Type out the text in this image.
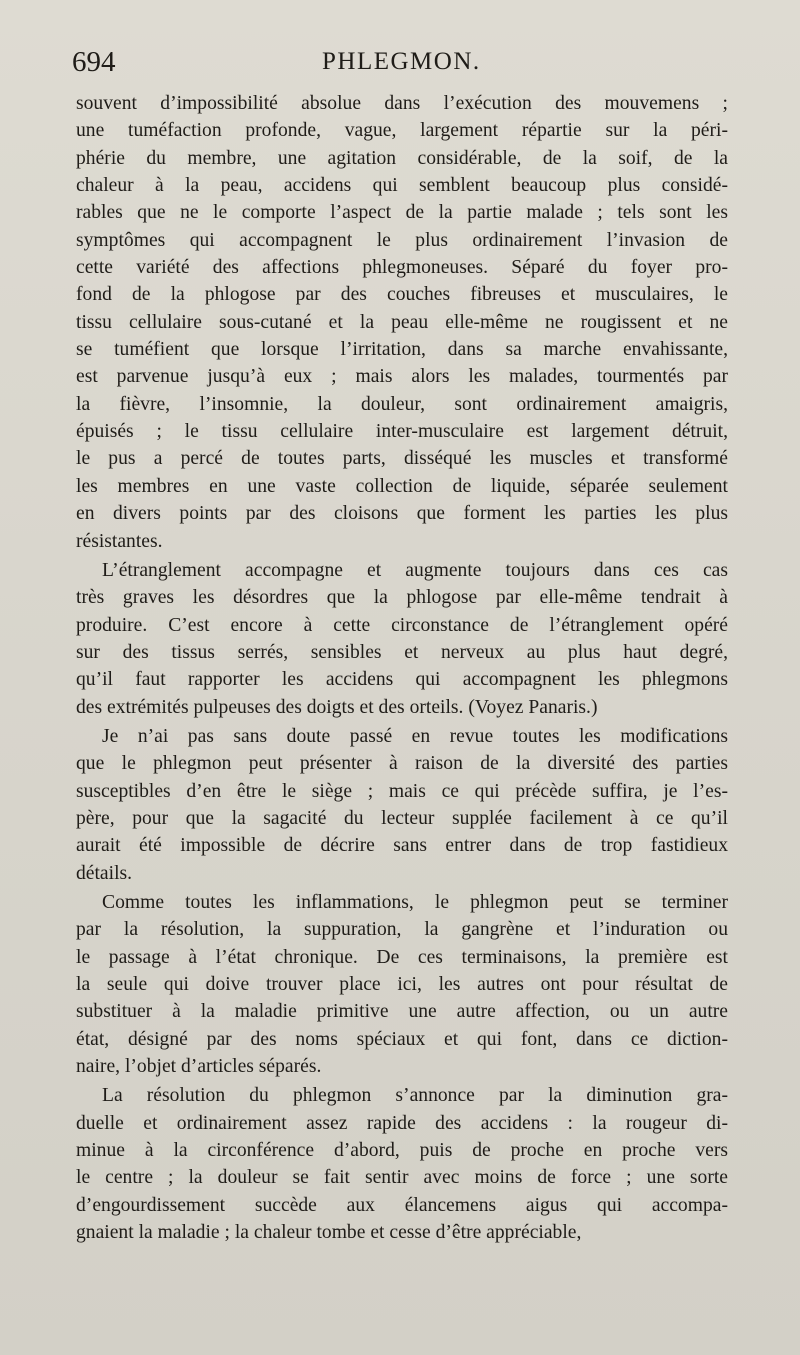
694	PHLEGMON.
souvent d’impossibilité absolue dans l’exécution des mouvemens ;
une tuméfaction profonde, vague, largement répartie sur la péri-
phérie du membre, une agitation considérable, de la soif, de la
chaleur à la peau, accidens qui semblent beaucoup plus considé-
rables que ne le comporte l’aspect de la partie malade ; tels sont les
symptômes qui accompagnent le plus ordinairement l’invasion de
cette variété des affections phlegmoneuses. Séparé du foyer pro-
fond de la phlogose par des couches fibreuses et musculaires, le
tissu cellulaire sous-cutané et la peau elle-même ne rougissent et ne
se tuméfient que lorsque l’irritation, dans sa marche envahissante,
est parvenue jusqu’à eux ; mais alors les malades, tourmentés par
la fièvre, l’insomnie, la douleur, sont ordinairement amaigris,
épuisés ; le tissu cellulaire inter-musculaire est largement détruit,
le pus a percé de toutes parts, disséqué les muscles et transformé
les membres en une vaste collection de liquide, séparée seulement
en divers points par des cloisons que forment les parties les plus
résistantes.
L’étranglement accompagne et augmente toujours dans ces cas
très graves les désordres que la phlogose par elle-même tendrait à
produire. C’est encore à cette circonstance de l’étranglement opéré
sur des tissus serrés, sensibles et nerveux au plus haut degré,
qu’il faut rapporter les accidens qui accompagnent les phlegmons
des extrémités pulpeuses des doigts et des orteils. (Voyez Panaris.)
Je n’ai pas sans doute passé en revue toutes les modifications
que le phlegmon peut présenter à raison de la diversité des parties
susceptibles d’en être le siège ; mais ce qui précède suffira, je l’es-
père, pour que la sagacité du lecteur supplée facilement à ce qu’il
aurait été impossible de décrire sans entrer dans de trop fastidieux
détails.
Comme toutes les inflammations, le phlegmon peut se terminer
par la résolution, la suppuration, la gangrène et l’induration ou
le passage à l’état chronique. De ces terminaisons, la première est
la seule qui doive trouver place ici, les autres ont pour résultat de
substituer à la maladie primitive une autre affection, ou un autre
état, désigné par des noms spéciaux et qui font, dans ce diction-
naire, l’objet d’articles séparés.
La résolution du phlegmon s’annonce par la diminution gra-
duelle et ordinairement assez rapide des accidens : la rougeur di-
minue à la circonférence d’abord, puis de proche en proche vers
le centre ; la douleur se fait sentir avec moins de force ; une sorte
d’engourdissement succède aux élancemens aigus qui accompa-
gnaient la maladie ; la chaleur tombe et cesse d’être appréciable,
